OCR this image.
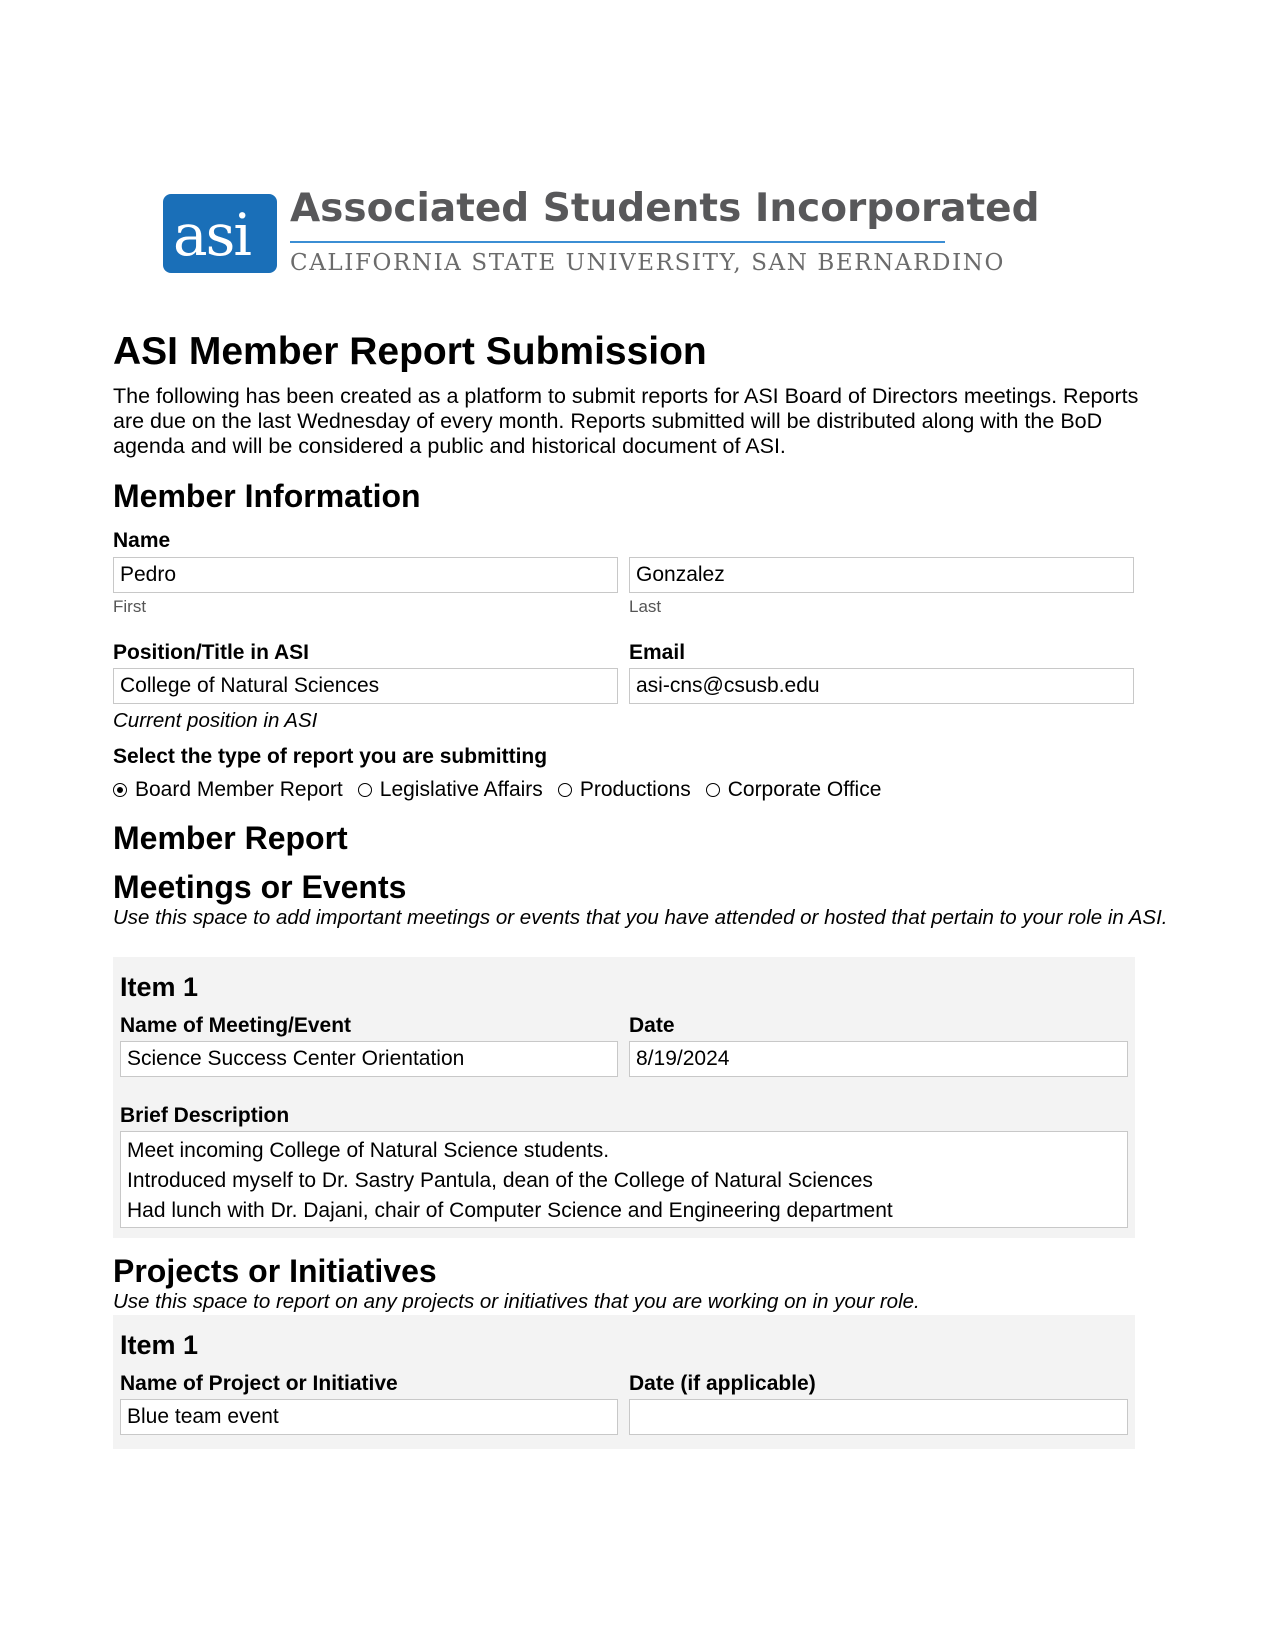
asi Associated Students Incorporated
CALIFORNIA STATE UNIVERSITY, SAN BERNARDINO
ASI Member Report Submission

The following has been created as a platform to submit reports for ASI Board of Directors meetings. Reports are due on the last Wednesday of every month. Reports submitted will be distributed along with the BoD agenda and will be considered a public and historical document of ASI.

Member Information
Name
Pedro
First
Gonzalez
Last
Position/Title in ASI
College of Natural Sciences
Current position in ASI
Email
asi-cns@csusb.edu
Select the type of report you are submitting
Board Member Report Legislative Affairs Productions Corporate Office
Member Report
Meetings or Events
Use this space to add important meetings or events that you have attended or hosted that pertain to your role in ASI.
Item 1
Name of Meeting/Event
Science Success Center Orientation
Date
8/19/2024
Brief Description
Meet incoming College of Natural Science students.
Introduced myself to Dr. Sastry Pantula, dean of the College of Natural Sciences
Had lunch with Dr. Dajani, chair of Computer Science and Engineering department
Projects or Initiatives
Use this space to report on any projects or initiatives that you are working on in your role.
Item 1
Name of Project or Initiative
Blue team event
Date (if applicable)
